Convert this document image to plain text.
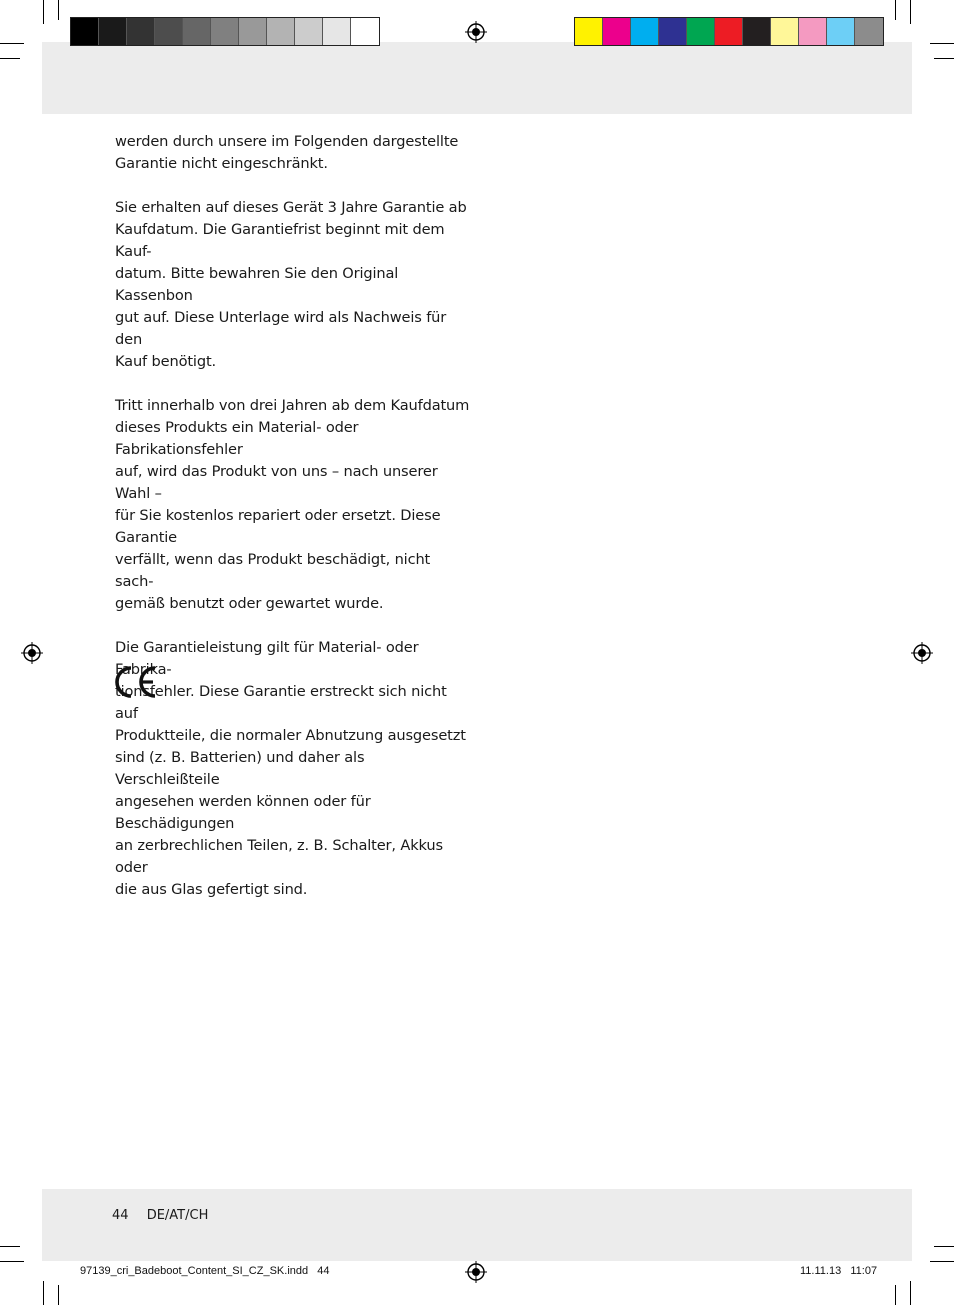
werden durch unsere im Folgenden dargestellte
Garantie nicht eingeschränkt.

Sie erhalten auf dieses Gerät 3 Jahre Garantie ab
Kaufdatum. Die Garantiefrist beginnt mit dem Kauf-
datum. Bitte bewahren Sie den Original Kassenbon
gut auf. Diese Unterlage wird als Nachweis für den
Kauf benötigt.

Tritt innerhalb von drei Jahren ab dem Kaufdatum
dieses Produkts ein Material- oder Fabrikationsfehler
auf, wird das Produkt von uns – nach unserer Wahl –
für Sie kostenlos repariert oder ersetzt. Diese Garantie
verfällt, wenn das Produkt beschädigt, nicht sach-
gemäß benutzt oder gewartet wurde.

Die Garantieleistung gilt für Material- oder Fabrika-
tionsfehler. Diese Garantie erstreckt sich nicht auf
Produktteile, die normaler Abnutzung ausgesetzt
sind (z. B. Batterien) und daher als Verschleißteile
angesehen werden können oder für Beschädigungen
an zerbrechlichen Teilen, z. B. Schalter, Akkus oder
die aus Glas gefertigt sind.

44 DE/AT/CH
97139_cri_Badeboot_Content_SI_CZ_SK.indd   44	11.11.13   11:07
